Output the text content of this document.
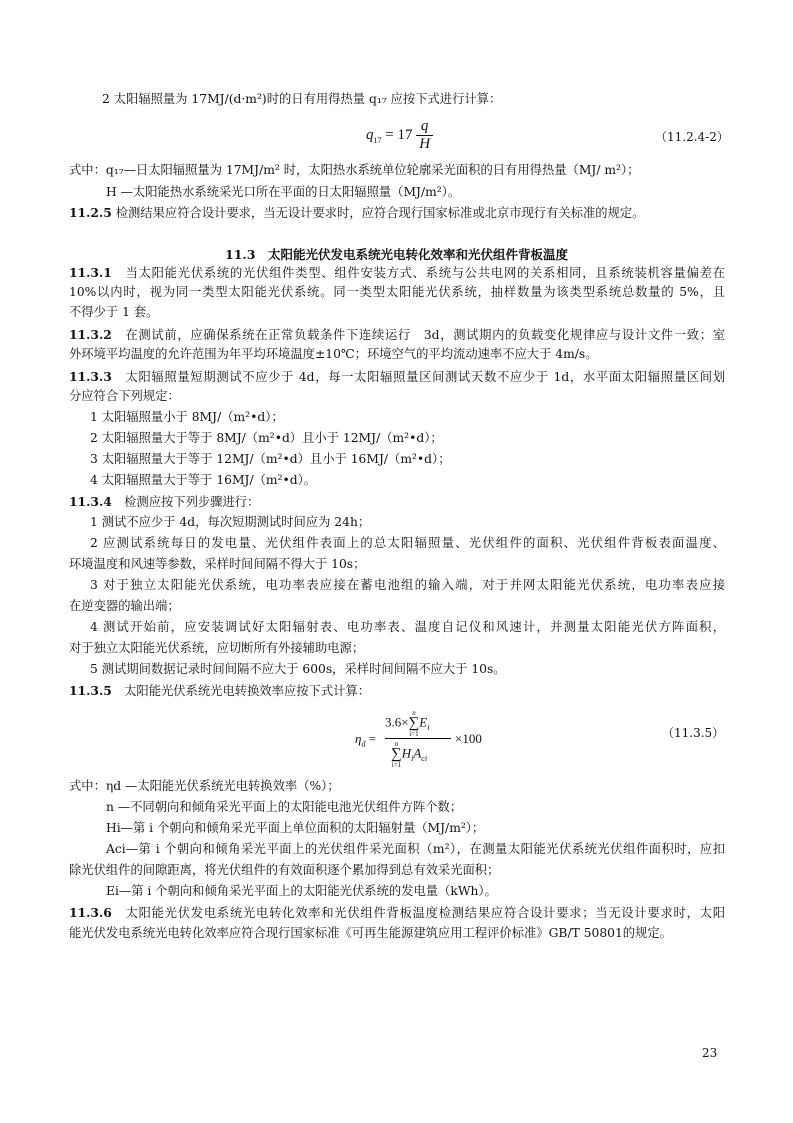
2 太阳辐照量为 17MJ/(d·m²)时的日有用得热量 q₁₇ 应按下式进行计算：
$q_{17} = 17 \frac{q}{H}$	（11.2.4-2）
式中：q₁₇—日太阳辐照量为 17MJ/m² 时，太阳热水系统单位轮廓采光面积的日有用得热量（MJ/ m²）；
H —太阳能热水系统采光口所在平面的日太阳辐照量（MJ/m²）。
11.2.5 检测结果应符合设计要求，当无设计要求时，应符合现行国家标准或北京市现行有关标准的规定。
11.3　太阳能光伏发电系统光电转化效率和光伏组件背板温度
11.3.1　当太阳能光伏系统的光伏组件类型、组件安装方式、系统与公共电网的关系相同，且系统装机容量偏差在
10%以内时，视为同一类型太阳能光伏系统。同一类型太阳能光伏系统，抽样数量为该类型系统总数量的 5%，且
不得少于 1 套。
11.3.2　在测试前，应确保系统在正常负载条件下连续运行　3d，测试期内的负载变化规律应与设计文件一致；室
外环境平均温度的允许范围为年平均环境温度±10℃；环境空气的平均流动速率不应大于 4m/s。
11.3.3　太阳辐照量短期测试不应少于 4d，每一太阳辐照量区间测试天数不应少于 1d，水平面太阳辐照量区间划
分应符合下列规定：
1 太阳辐照量小于 8MJ/（m²•d）；
2 太阳辐照量大于等于 8MJ/（m²•d）且小于 12MJ/（m²•d）；
3 太阳辐照量大于等于 12MJ/（m²•d）且小于 16MJ/（m²•d）；
4 太阳辐照量大于等于 16MJ/（m²•d）。
11.3.4　检测应按下列步骤进行：
1 测试不应少于 4d，每次短期测试时间应为 24h；
2 应测试系统每日的发电量、光伏组件表面上的总太阳辐照量、光伏组件的面积、光伏组件背板表面温度、
环境温度和风速等参数，采样时间间隔不得大于 10s；
3 对于独立太阳能光伏系统，电功率表应接在蓄电池组的输入端，对于并网太阳能光伏系统，电功率表应接
在逆变器的输出端；
4 测试开始前，应安装调试好太阳辐射表、电功率表、温度自记仪和风速计，并测量太阳能光伏方阵面积，
对于独立太阳能光伏系统，应切断所有外接辅助电源；
5 测试期间数据记录时间间隔不应大于 600s，采样时间间隔不应大于 10s。
11.3.5　太阳能光伏系统光电转换效率应按下式计算：
$\eta_d$ =
3.6×
n
∑
i=1
$E_i$
×100
n
∑
i=1
$H_iA_{ci}$
（11.3.5）
式中：ηd —太阳能光伏系统光电转换效率（%）；
n —不同朝向和倾角采光平面上的太阳能电池光伏组件方阵个数；
Hi—第 i 个朝向和倾角采光平面上单位面积的太阳辐射量（MJ/m²）；
Aci—第 i 个朝向和倾角采光平面上的光伏组件采光面积（m²），在测量太阳能光伏系统光伏组件面积时，应扣
除光伏组件的间隙距离，将光伏组件的有效面积逐个累加得到总有效采光面积；
Ei—第 i 个朝向和倾角采光平面上的太阳能光伏系统的发电量（kWh）。
11.3.6　太阳能光伏发电系统光电转化效率和光伏组件背板温度检测结果应符合设计要求；当无设计要求时，太阳
能光伏发电系统光电转化效率应符合现行国家标准《可再生能源建筑应用工程评价标准》GB/T 50801的规定。
23
